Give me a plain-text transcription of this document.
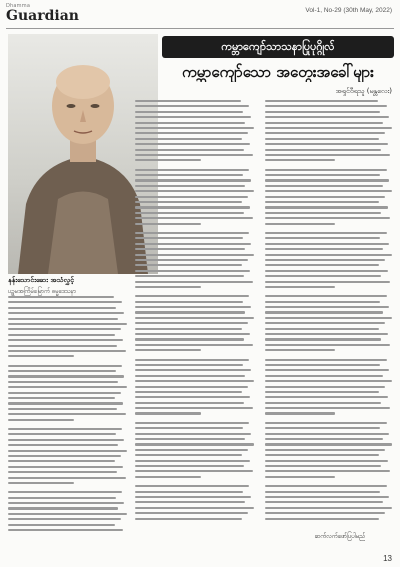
Dhamma
Guardian	Vol-1, No-29 (30th May, 2022)
နန်းသောင်းဆေး အသံလွှင့်
ပဉ္စမအကြိမ်မြောက် ဓမ္မဒေသနာ
ကမ္ဘာကျော်သာသနာပြုပုဂ္ဂိုလ်
ကမ္ဘာကျော်သော အတွေးအခေါ်များ
အရှင်ဝီရသူ (မန္တလေး)
ဆက်လက်ဖော်ပြပါမည်
13
